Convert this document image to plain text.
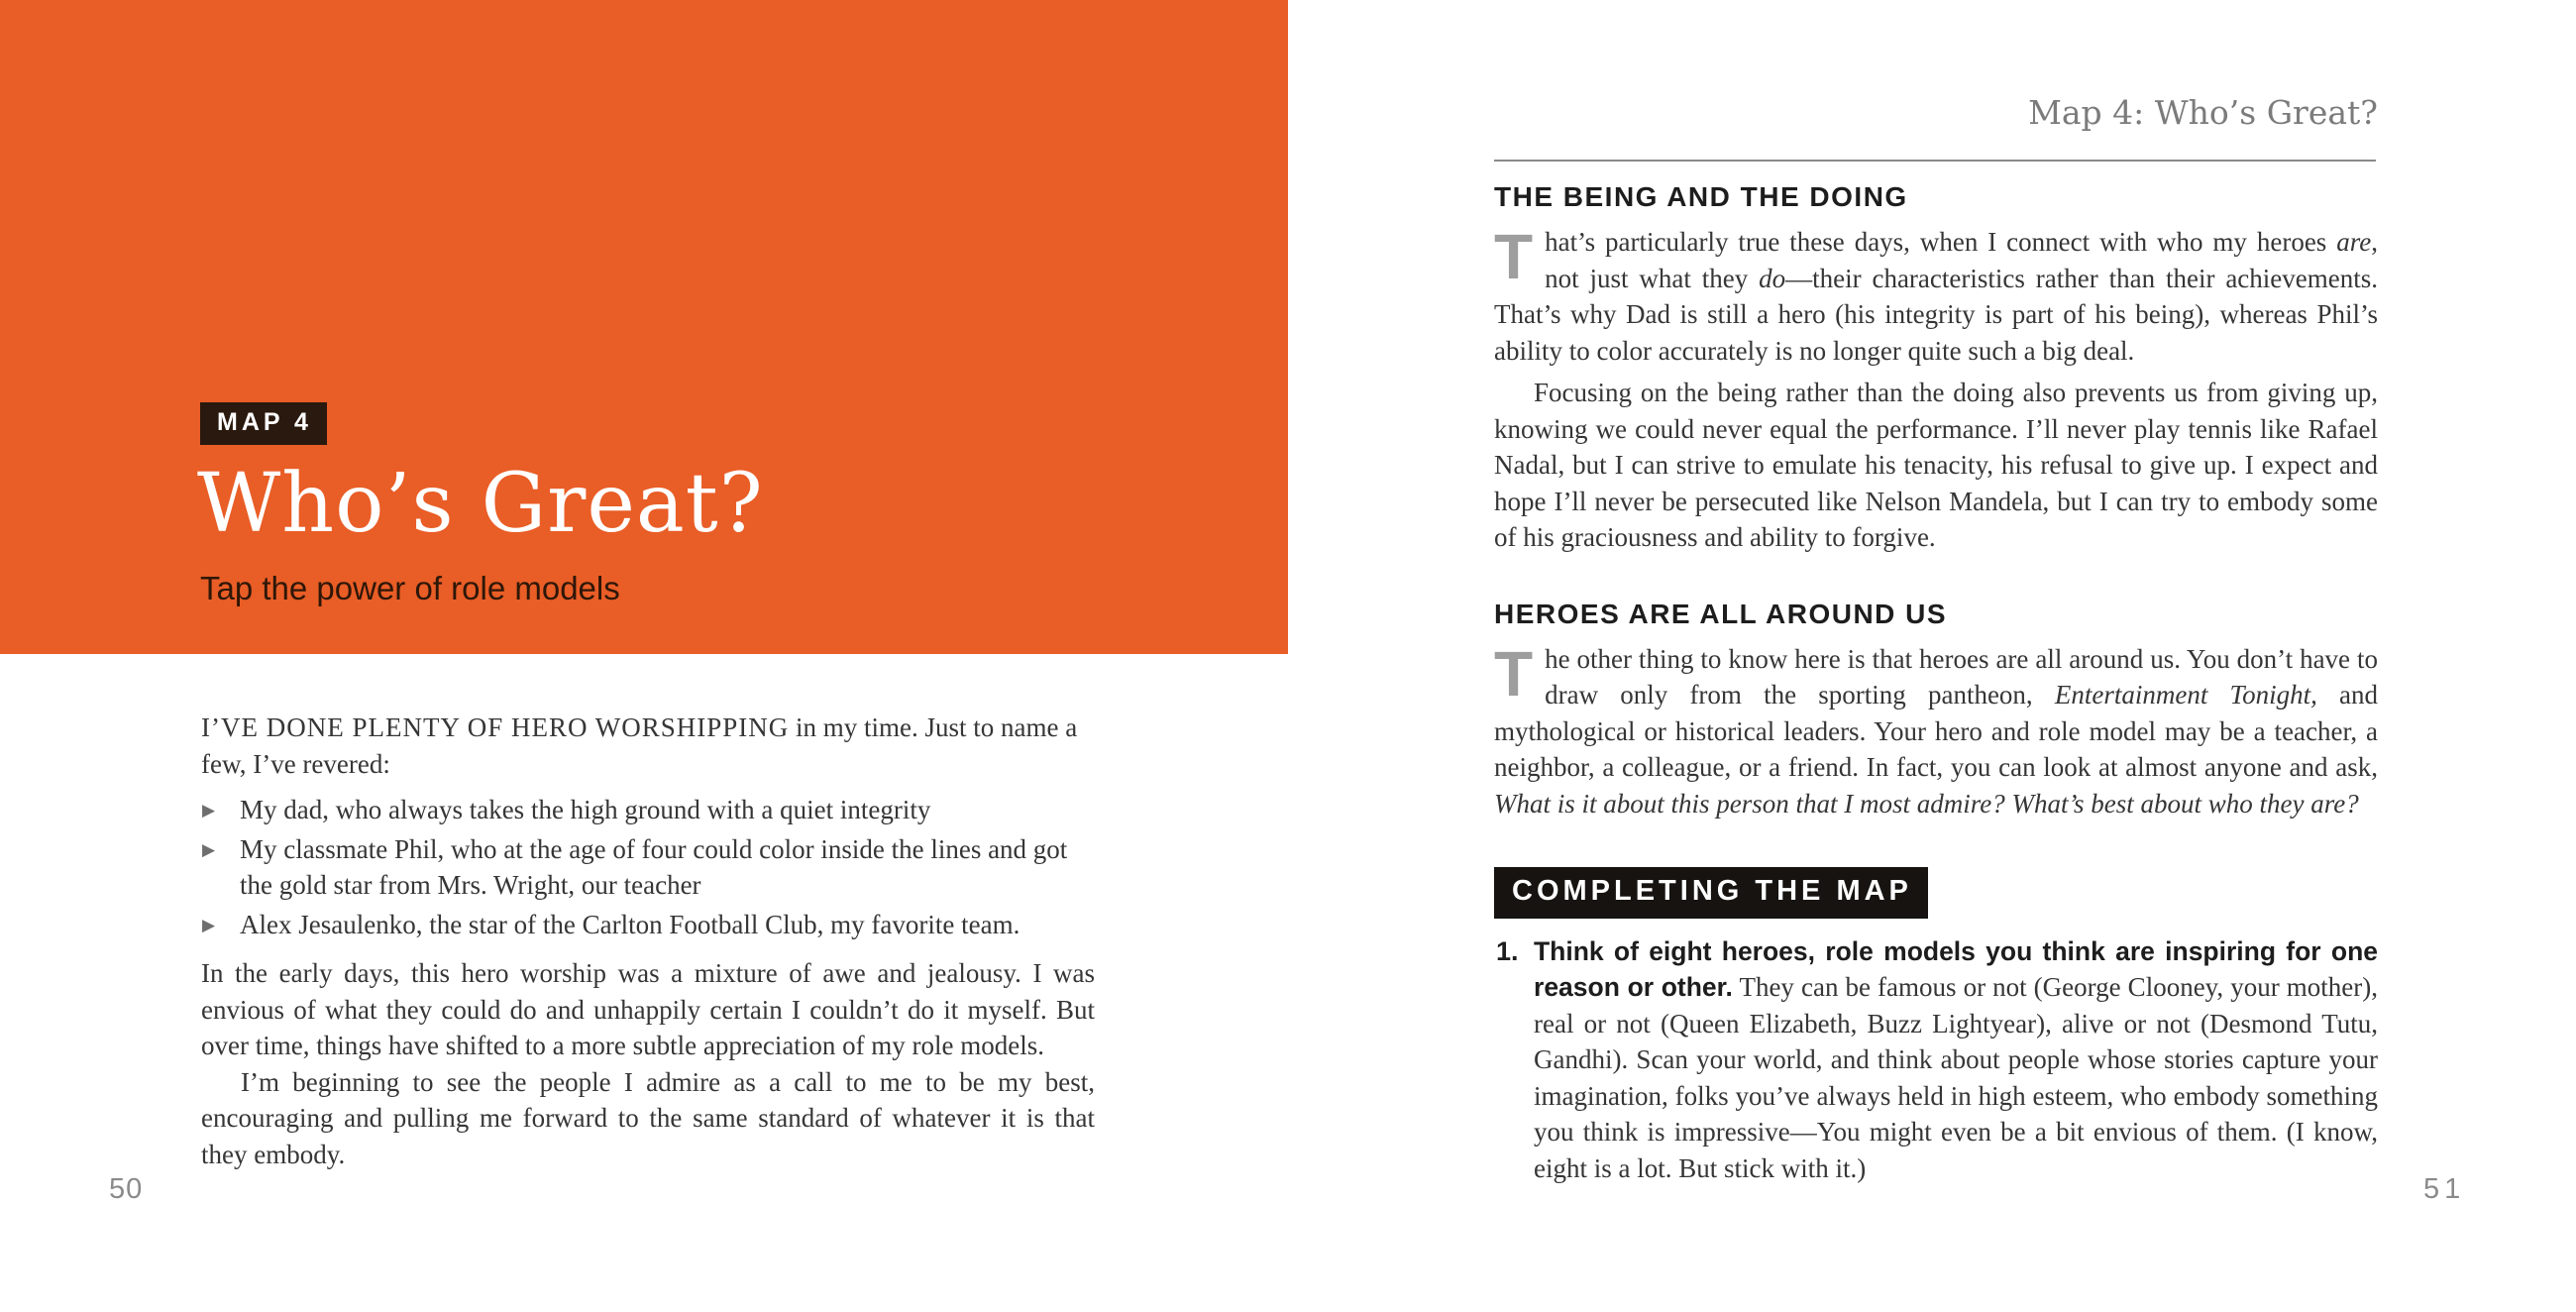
MAP 4
Who’s Great?

Tap the power of role models

I’VE DONE PLENTY OF HERO WORSHIPPING in my time. Just to name a few, I’ve revered:

▶ My dad, who always takes the high ground with a quiet integrity
▶ My classmate Phil, who at the age of four could color inside the lines and got the gold star from Mrs. Wright, our teacher
▶ Alex Jesaulenko, the star of the Carlton Football Club, my favorite team.

In the early days, this hero worship was a mixture of awe and jealousy. I was envious of what they could do and unhappily certain I couldn’t do it myself. But over time, things have shifted to a more subtle appreciation of my role models.

I’m beginning to see the people I admire as a call to me to be my best, encouraging and pulling me forward to the same standard of whatever it is that they embody.

50

Map 4: Who’s Great?

THE BEING AND THE DOING

That’s particularly true these days, when I connect with who my heroes are, not just what they do—their characteristics rather than their achievements. That’s why Dad is still a hero (his integrity is part of his being), whereas Phil’s ability to color accurately is no longer quite such a big deal.

Focusing on the being rather than the doing also prevents us from giving up, knowing we could never equal the performance. I’ll never play tennis like Rafael Nadal, but I can strive to emulate his tenacity, his refusal to give up. I expect and hope I’ll never be persecuted like Nelson Mandela, but I can try to embody some of his graciousness and ability to forgive.

HEROES ARE ALL AROUND US

The other thing to know here is that heroes are all around us. You don’t have to draw only from the sporting pantheon, Entertainment Tonight, and mythological or historical leaders. Your hero and role model may be a teacher, a neighbor, a colleague, or a friend. In fact, you can look at almost anyone and ask, What is it about this person that I most admire? What’s best about who they are?

COMPLETING THE MAP
1. Think of eight heroes, role models you think are inspiring for one reason or other. They can be famous or not (George Clooney, your mother), real or not (Queen Elizabeth, Buzz Lightyear), alive or not (Desmond Tutu, Gandhi). Scan your world, and think about people whose stories capture your imagination, folks you’ve always held in high esteem, who embody something you think is impressive—You might even be a bit envious of them. (I know, eight is a lot. But stick with it.)
51
